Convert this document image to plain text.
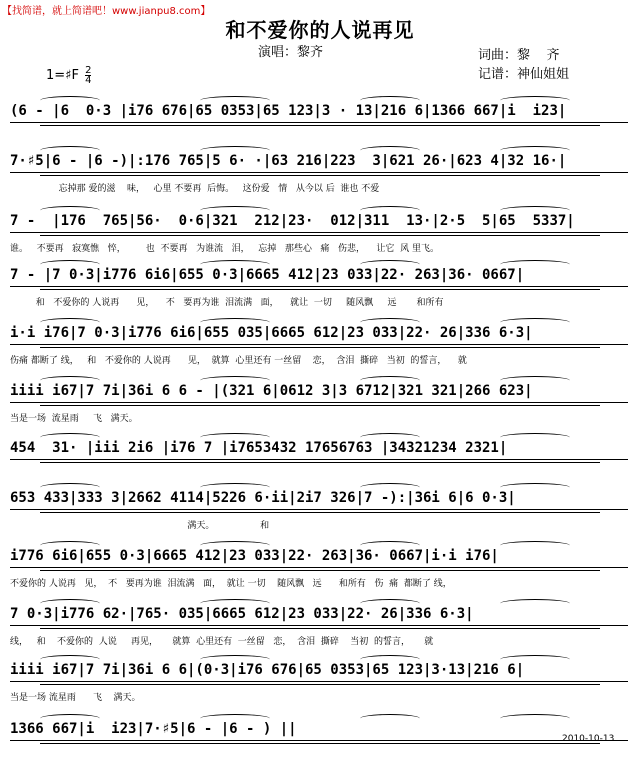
【找简谱，就上简谱吧！www.jianpu8.com】
和不爱你的人说再见
演唱：黎齐	词曲：黎    齐
记谱：神仙姐姐
1=♯F $\frac{2}{4}$
(6 - |6  0·3 |i76 676|65 0353|65 123|3 · 13|216 6|1366 667|i  i23|
7·♯5|6 - |6 -)|:176 765|5 6· ·|63 216|223  3|621 26·|623 4|32 16·|
忘掉那 爱的滋    味，   心里 不要再  后悔。   这份爱   情   从今以 后  谁也 不爱
7 -  |176  765|56·  0·6|321  212|23·  012|311  13·|2·5  5|65  5337|
谁。   不要再   寂寞憔   悴，       也  不要再   为谁流   泪，   忘掉   那些心   痛   伤悲，    让它  风 里飞。
7 - |7 0·3|i776 6i6|655 0·3|6665 412|23 033|22· 263|36· 0667|
和   不爱你的 人说再      见，    不   要再为谁  泪流满   面，    就让  一切     随风飘     远       和所有
i·i i76|7 0·3|i776 6i6|655 035|6665 612|23 033|22· 26|336 6·3|
伤痛 都断了 线，   和   不爱你的 人说再      见，  就算  心里还有 一丝留    恋，  含泪  撕碎   当初  的誓言，    就
iiii i67|7 7i|36i 6 6 - |(321 6|0612 3|3 6712|321 321|266 623|
当是一场  流星雨     飞   满天。
454  31· |iii 2i6 |i76 7 |i7653432 17656763 |34321234 2321|
653 433|333 3|2662 4114|5226 6·ii|2i7 326|7 -):|36i 6|6 0·3|
满天。                和
i776 6i6|655 0·3|6665 412|23 033|22· 263|36· 0667|i·i i76|
不爱你的 人说再   见，  不   要再为谁  泪流满   面，  就让 一切    随风飘   远      和所有   伤  痛  都断了 线，
7 0·3|i776 62·|765· 035|6665 612|23 033|22· 26|336 6·3|
线，   和    不爱你的  人说     再见，     就算  心里还有  一丝留   恋，  含泪  撕碎    当初  的誓言，     就
iiii i67|7 7i|36i 6 6|(0·3|i76 676|65 0353|65 123|3·13|216 6|
当是一场 流星雨      飞    满天。
1366 667|i  i23|7·♯5|6 - |6 - ) ||
2010-10-13
